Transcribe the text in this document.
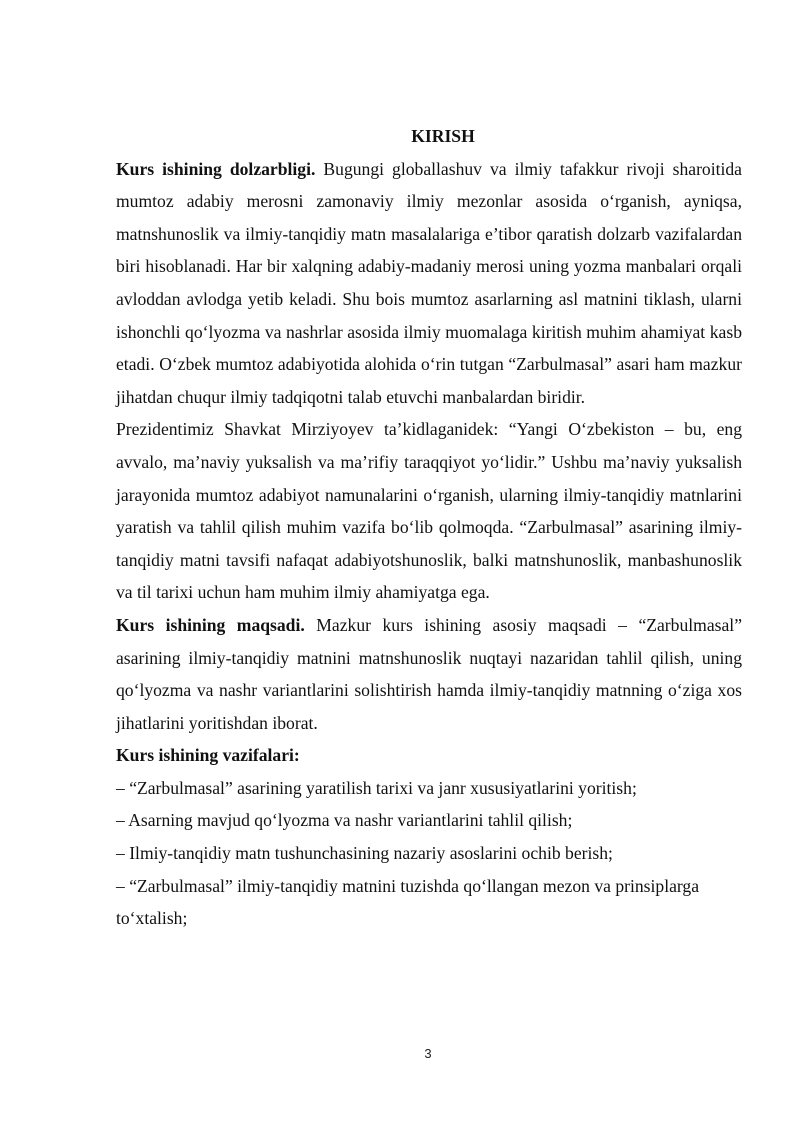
KIRISH

Kurs ishining dolzarbligi. Bugungi globallashuv va ilmiy tafakkur rivoji sharoitida mumtoz adabiy merosni zamonaviy ilmiy mezonlar asosida o‘rganish, ayniqsa, matnshunoslik va ilmiy-tanqidiy matn masalalariga e’tibor qaratish dolzarb vazifalardan biri hisoblanadi. Har bir xalqning adabiy-madaniy merosi uning yozma manbalari orqali avloddan avlodga yetib keladi. Shu bois mumtoz asarlarning asl matnini tiklash, ularni ishonchli qo‘lyozma va nashrlar asosida ilmiy muomalaga kiritish muhim ahamiyat kasb etadi. O‘zbek mumtoz adabiyotida alohida o‘rin tutgan “Zarbulmasal” asari ham mazkur jihatdan chuqur ilmiy tadqiqotni talab etuvchi manbalardan biridir.

Prezidentimiz Shavkat Mirziyoyev ta’kidlaganidek: “Yangi O‘zbekiston – bu, eng avvalo, ma’naviy yuksalish va ma’rifiy taraqqiyot yo‘lidir.” Ushbu ma’naviy yuksalish jarayonida mumtoz adabiyot namunalarini o‘rganish, ularning ilmiy-tanqidiy matnlarini yaratish va tahlil qilish muhim vazifa bo‘lib qolmoqda. “Zarbulmasal” asarining ilmiy-tanqidiy matni tavsifi nafaqat adabiyotshunoslik, balki matnshunoslik, manbashunoslik va til tarixi uchun ham muhim ilmiy ahamiyatga ega.

Kurs ishining maqsadi. Mazkur kurs ishining asosiy maqsadi – “Zarbulmasal” asarining ilmiy-tanqidiy matnini matnshunoslik nuqtayi nazaridan tahlil qilish, uning qo‘lyozma va nashr variantlarini solishtirish hamda ilmiy-tanqidiy matnning o‘ziga xos jihatlarini yoritishdan iborat.

Kurs ishining vazifalari:

– “Zarbulmasal” asarining yaratilish tarixi va janr xususiyatlarini yoritish;
– Asarning mavjud qo‘lyozma va nashr variantlarini tahlil qilish;
– Ilmiy-tanqidiy matn tushunchasining nazariy asoslarini ochib berish;
– “Zarbulmasal” ilmiy-tanqidiy matnini tuzishda qo‘llangan mezon va prinsiplarga to‘xtalish;
3
